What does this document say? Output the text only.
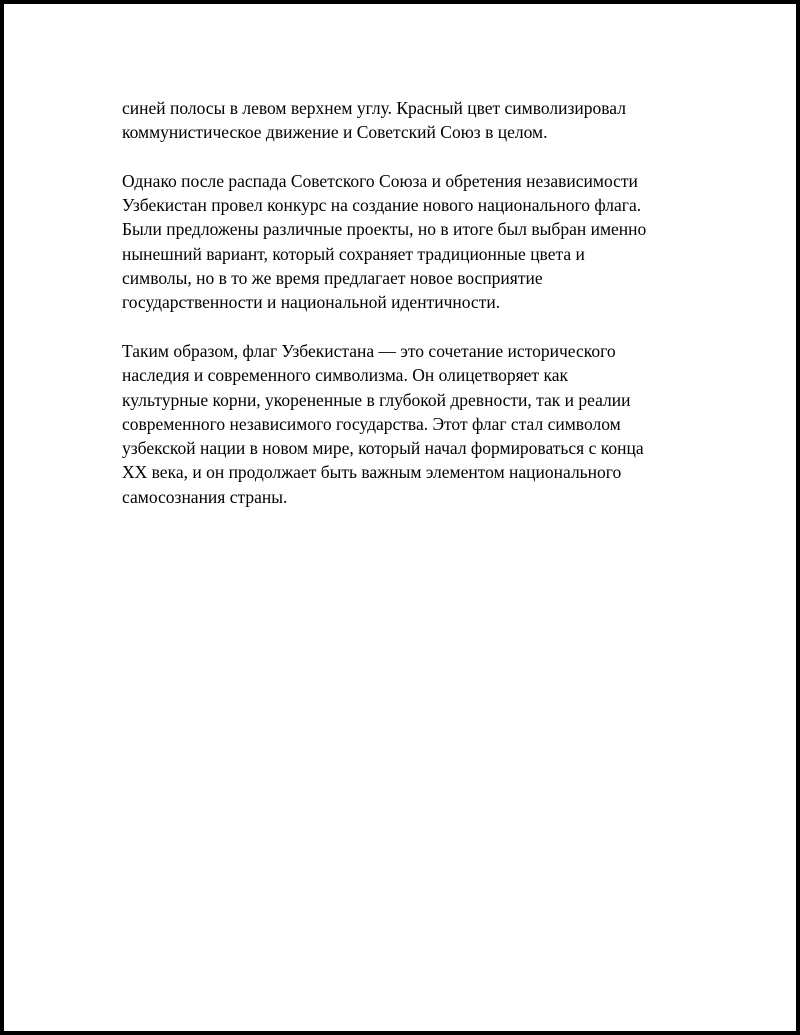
синей полосы в левом верхнем углу. Красный цвет символизировал
коммунистическое движение и Советский Союз в целом.

Однако после распада Советского Союза и обретения независимости
Узбекистан провел конкурс на создание нового национального флага.
Были предложены различные проекты, но в итоге был выбран именно
нынешний вариант, который сохраняет традиционные цвета и
символы, но в то же время предлагает новое восприятие
государственности и национальной идентичности.

Таким образом, флаг Узбекистана — это сочетание исторического
наследия и современного символизма. Он олицетворяет как
культурные корни, укорененные в глубокой древности, так и реалии
современного независимого государства. Этот флаг стал символом
узбекской нации в новом мире, который начал формироваться с конца
XX века, и он продолжает быть важным элементом национального
самосознания страны.
